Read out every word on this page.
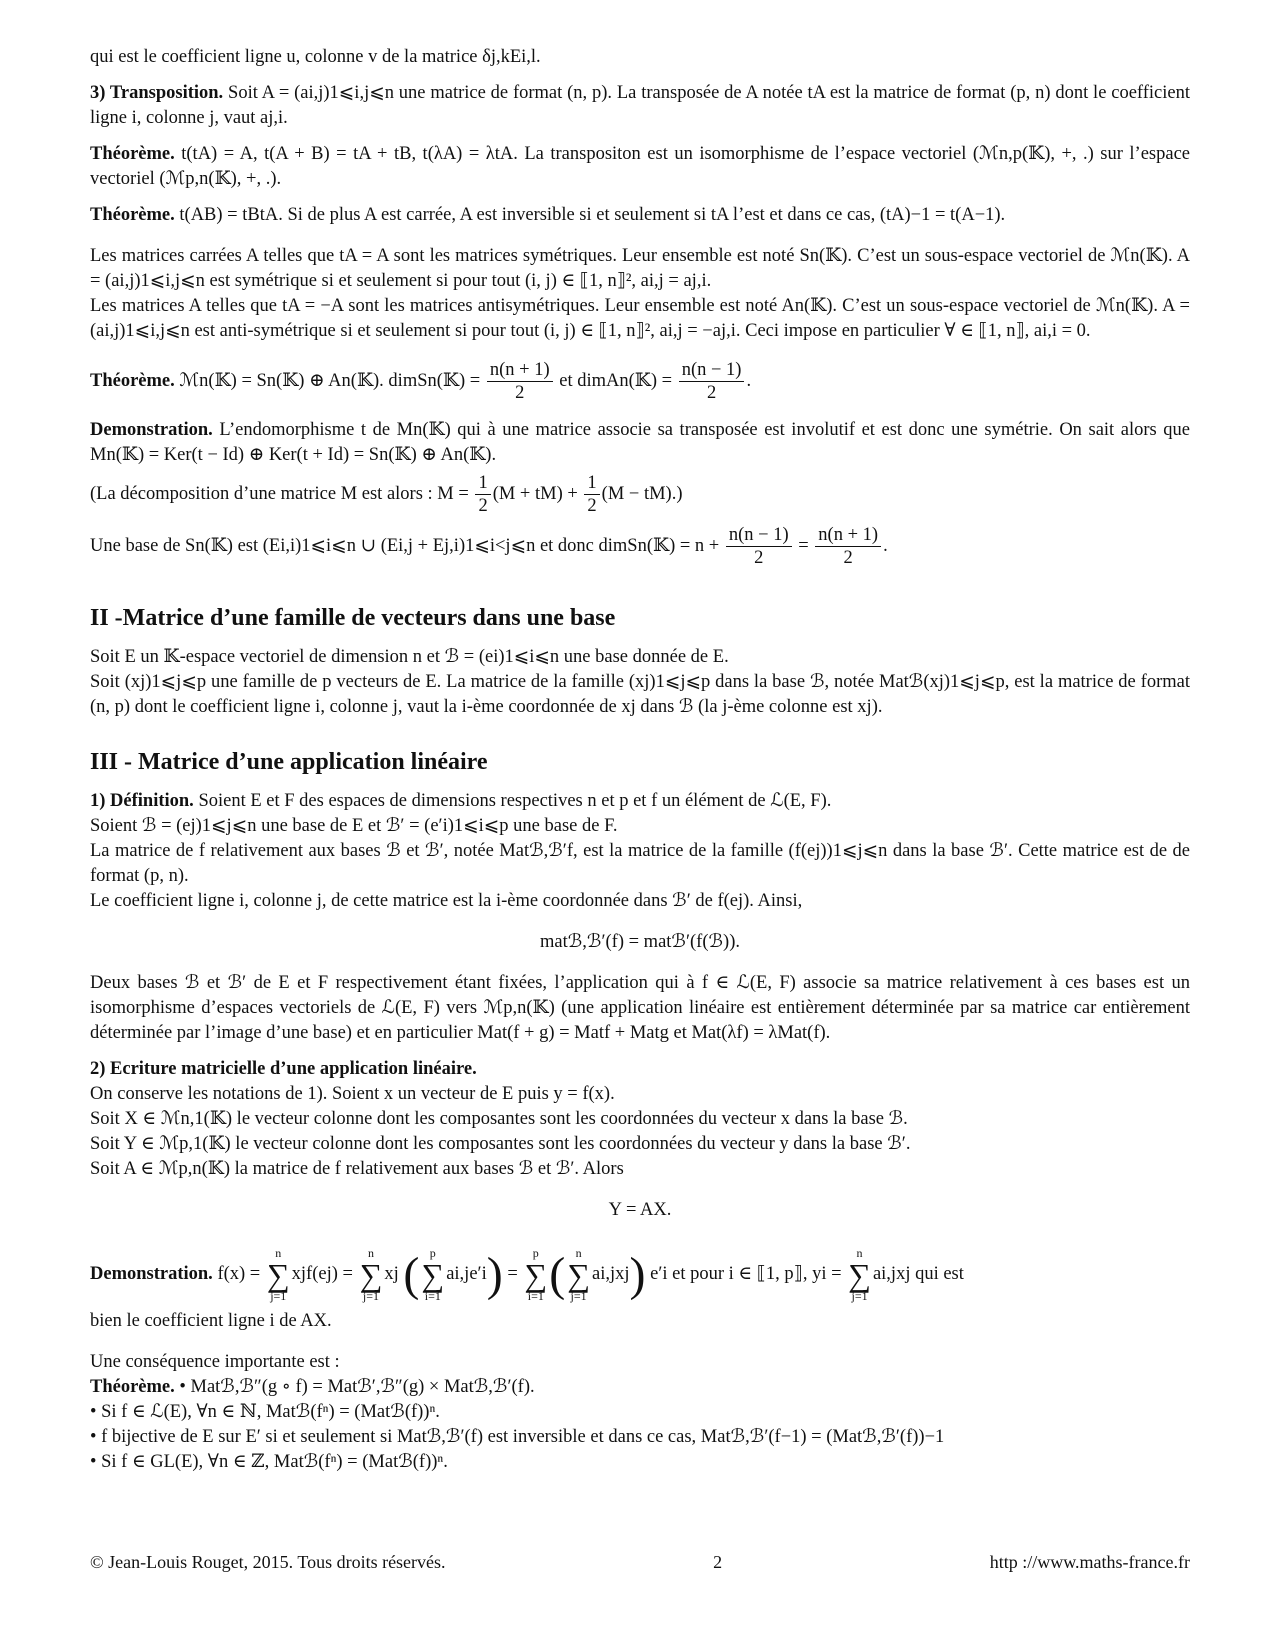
qui est le coefficient ligne u, colonne v de la matrice δj,kEi,l.

3) Transposition. Soit A = (ai,j)1⩽i,j⩽n une matrice de format (n, p). La transposée de A notée tA est la matrice de format (p, n) dont le coefficient ligne i, colonne j, vaut aj,i.

Théorème. t(tA) = A, t(A + B) = tA + tB, t(λA) = λtA. La transpositon est un isomorphisme de l’espace vectoriel (ℳn,p(𝕂), +, .) sur l’espace vectoriel (ℳp,n(𝕂), +, .).

Théorème. t(AB) = tBtA. Si de plus A est carrée, A est inversible si et seulement si tA l’est et dans ce cas, (tA)−1 = t(A−1).

Les matrices carrées A telles que tA = A sont les matrices symétriques. Leur ensemble est noté Sn(𝕂). C’est un sous-espace vectoriel de ℳn(𝕂). A = (ai,j)1⩽i,j⩽n est symétrique si et seulement si pour tout (i, j) ∈ ⟦1, n⟧², ai,j = aj,i.

Les matrices A telles que tA = −A sont les matrices antisymétriques. Leur ensemble est noté An(𝕂). C’est un sous-espace vectoriel de ℳn(𝕂). A = (ai,j)1⩽i,j⩽n est anti-symétrique si et seulement si pour tout (i, j) ∈ ⟦1, n⟧², ai,j = −aj,i. Ceci impose en particulier ∀ ∈ ⟦1, n⟧, ai,i = 0.

Théorème. ℳn(𝕂) = Sn(𝕂) ⊕ An(𝕂). dimSn(𝕂) = $\frac{n(n + 1)}{2}$ et dimAn(𝕂) = $\frac{n(n - 1)}{2}$ .

Demonstration. L’endomorphisme t de Mn(𝕂) qui à une matrice associe sa transposée est involutif et est donc une symétrie. On sait alors que Mn(𝕂) = Ker(t − Id) ⊕ Ker(t + Id) = Sn(𝕂) ⊕ An(𝕂).

(La décomposition d’une matrice M est alors : $M = \frac{1}{2} (M + tM) + \frac{1}{2} (M - tM)$.)

Une base de Sn(𝕂) est (Ei,i)1⩽i⩽n ∪ (Ei,j + Ej,i)1⩽i<j⩽n et donc dimSn(𝕂) = $n + \frac{n(n - 1)}{2} = \frac{n(n + 1)}{2}$ .

II -Matrice d’une famille de vecteurs dans une base

Soit E un 𝕂-espace vectoriel de dimension n et ℬ = (ei)1⩽i⩽n une base donnée de E.

Soit (xj)1⩽j⩽p une famille de p vecteurs de E. La matrice de la famille (xj)1⩽j⩽p dans la base ℬ, notée Matℬ(xj)1⩽j⩽p, est la matrice de format (n, p) dont le coefficient ligne i, colonne j, vaut la i-ème coordonnée de xj dans ℬ (la j-ème colonne est xj).

III - Matrice d’une application linéaire

1) Définition. Soient E et F des espaces de dimensions respectives n et p et f un élément de ℒ(E, F).

Soient ℬ = (ej)1⩽j⩽n une base de E et ℬ′ = (e′i)1⩽i⩽p une base de F.

La matrice de f relativement aux bases ℬ et ℬ′, notée Matℬ,ℬ′f, est la matrice de la famille (f(ej))1⩽j⩽n dans la base ℬ′. Cette matrice est de de format (p, n).

Le coefficient ligne i, colonne j, de cette matrice est la i-ème coordonnée dans ℬ′ de f(ej). Ainsi,

matℬ,ℬ′(f) = matℬ′(f(ℬ)).

Deux bases ℬ et ℬ′ de E et F respectivement étant fixées, l’application qui à f ∈ ℒ(E, F) associe sa matrice relativement à ces bases est un isomorphisme d’espaces vectoriels de ℒ(E, F) vers ℳp,n(𝕂) (une application linéaire est entièrement déterminée par sa matrice car entièrement déterminée par l’image d’une base) et en particulier Mat(f + g) = Matf + Matg et Mat(λf) = λMat(f).

2) Ecriture matricielle d’une application linéaire.

On conserve les notations de 1). Soient x un vecteur de E puis y = f(x).

Soit X ∈ ℳn,1(𝕂) le vecteur colonne dont les composantes sont les coordonnées du vecteur x dans la base ℬ.

Soit Y ∈ ℳp,1(𝕂) le vecteur colonne dont les composantes sont les coordonnées du vecteur y dans la base ℬ′.

Soit A ∈ ℳp,n(𝕂) la matrice de f relativement aux bases ℬ et ℬ′. Alors

Y = AX.

Demonstration. f(x) =
n
∑
j=1
xjf(ej) =
n
∑
j=1
xj ( p
∑
i=1
ai,je′i) =
p
∑
i=1 ( n
∑
j=1
ai,jxj) e′i et pour i ∈ ⟦1, p⟧, yi =
n
∑
j=1
ai,jxj qui est

bien le coefficient ligne i de AX.

Une conséquence importante est :

Théorème. • Matℬ,ℬ″(g ∘ f) = Matℬ′,ℬ″(g) × Matℬ,ℬ′(f).

• Si f ∈ ℒ(E), ∀n ∈ ℕ, Matℬ(fⁿ) = (Matℬ(f))ⁿ.

• f bijective de E sur E′ si et seulement si Matℬ,ℬ′(f) est inversible et dans ce cas, Matℬ,ℬ′(f−1) = (Matℬ,ℬ′(f))−1

• Si f ∈ GL(E), ∀n ∈ ℤ, Matℬ(fⁿ) = (Matℬ(f))ⁿ.

© Jean-Louis Rouget, 2015. Tous droits réservés.	2	http ://www.maths-france.fr
